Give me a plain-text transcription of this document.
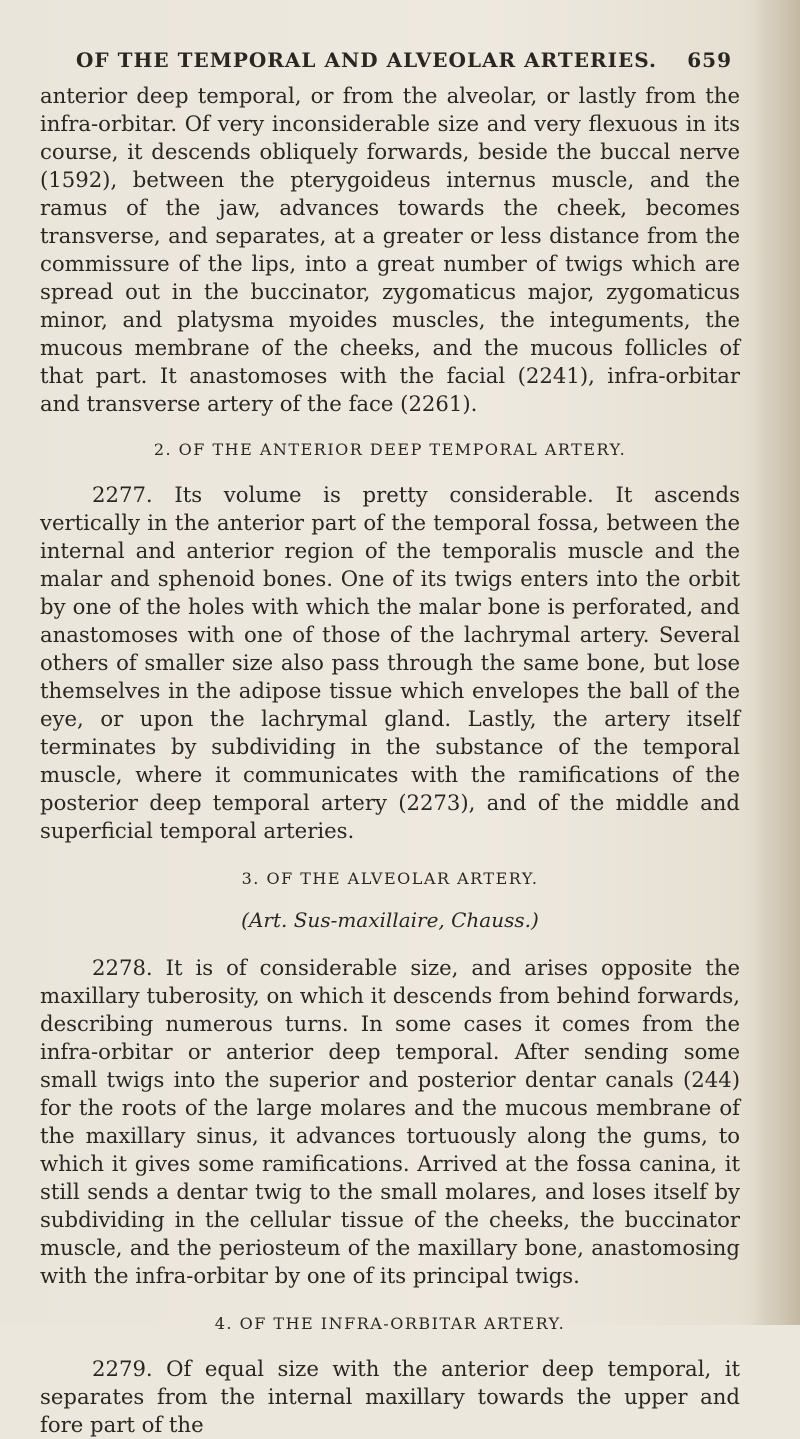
OF THE TEMPORAL AND ALVEOLAR ARTERIES. 659

anterior deep temporal, or from the alveolar, or lastly from the infra-orbitar. Of very inconsiderable size and very flexuous in its course, it descends obliquely forwards, beside the buccal nerve (1592), between the pterygoideus internus muscle, and the ramus of the jaw, advances towards the cheek, becomes transverse, and separates, at a greater or less distance from the commissure of the lips, into a great number of twigs which are spread out in the buccinator, zygomaticus major, zygomaticus minor, and platysma myoides muscles, the integuments, the mucous membrane of the cheeks, and the mucous follicles of that part. It anastomoses with the facial (2241), infra-orbitar and transverse artery of the face (2261).

2. OF THE ANTERIOR DEEP TEMPORAL ARTERY.

2277. Its volume is pretty considerable. It ascends vertically in the anterior part of the temporal fossa, between the internal and anterior region of the temporalis muscle and the malar and sphenoid bones. One of its twigs enters into the orbit by one of the holes with which the malar bone is perforated, and anastomoses with one of those of the lachrymal artery. Several others of smaller size also pass through the same bone, but lose themselves in the adipose tissue which envelopes the ball of the eye, or upon the lachrymal gland. Lastly, the artery itself terminates by subdividing in the substance of the temporal muscle, where it communicates with the ramifications of the posterior deep temporal artery (2273), and of the middle and superficial temporal arteries.

3. OF THE ALVEOLAR ARTERY.
(Art. Sus-maxillaire, Chauss.)

2278. It is of considerable size, and arises opposite the maxillary tuberosity, on which it descends from behind forwards, describing numerous turns. In some cases it comes from the infra-orbitar or anterior deep temporal. After sending some small twigs into the superior and posterior dentar canals (244) for the roots of the large molares and the mucous membrane of the maxillary sinus, it advances tortuously along the gums, to which it gives some ramifications. Arrived at the fossa canina, it still sends a dentar twig to the small molares, and loses itself by subdividing in the cellular tissue of the cheeks, the buccinator muscle, and the periosteum of the maxillary bone, anastomosing with the infra-orbitar by one of its principal twigs.

4. OF THE INFRA-ORBITAR ARTERY.

2279. Of equal size with the anterior deep temporal, it separates from the internal maxillary towards the upper and fore part of the
